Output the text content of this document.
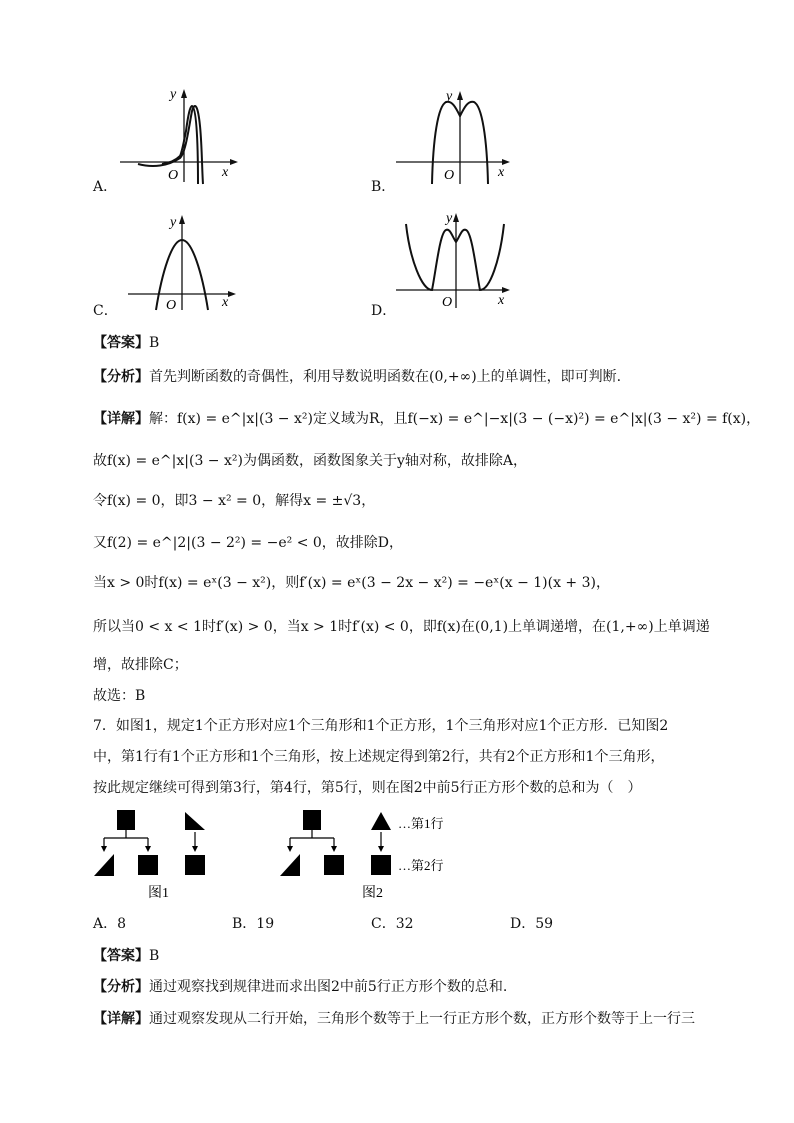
y
O	x
A．
y
O	x
B．
y
O	x
C．
y
O	x
D．
【答案】B
【分析】首先判断函数的奇偶性，利用导数说明函数在(0,+∞)上的单调性，即可判断.
【详解】解：f(x) = e^|x|(3 − x²)定义域为R，且f(−x) = e^|−x|(3 − (−x)²) = e^|x|(3 − x²) = f(x)，
故f(x) = e^|x|(3 − x²)为偶函数，函数图象关于y轴对称，故排除A，
令f(x) = 0，即3 − x² = 0，解得x = ±√3，
又f(2) = e^|2|(3 − 2²) = −e² < 0，故排除D，
当x > 0时f(x) = eˣ(3 − x²)，则f′(x) = eˣ(3 − 2x − x²) = −eˣ(x − 1)(x + 3)，
所以当0 < x < 1时f′(x) > 0，当x > 1时f′(x) < 0，即f(x)在(0,1)上单调递增，在(1,+∞)上单调递
增，故排除C；
故选：B
7．如图1，规定1个正方形对应1个三角形和1个正方形，1个三角形对应1个正方形．已知图2
中，第1行有1个正方形和1个三角形，按上述规定得到第2行，共有2个正方形和1个三角形，
按此规定继续可得到第3行，第4行，第5行，则在图2中前5行正方形个数的总和为（　）
图1
…第1行
…第2行
图2
A．8	B．19	C．32	D．59
【答案】B
【分析】通过观察找到规律进而求出图2中前5行正方形个数的总和.
【详解】通过观察发现从二行开始，三角形个数等于上一行正方形个数，正方形个数等于上一行三
